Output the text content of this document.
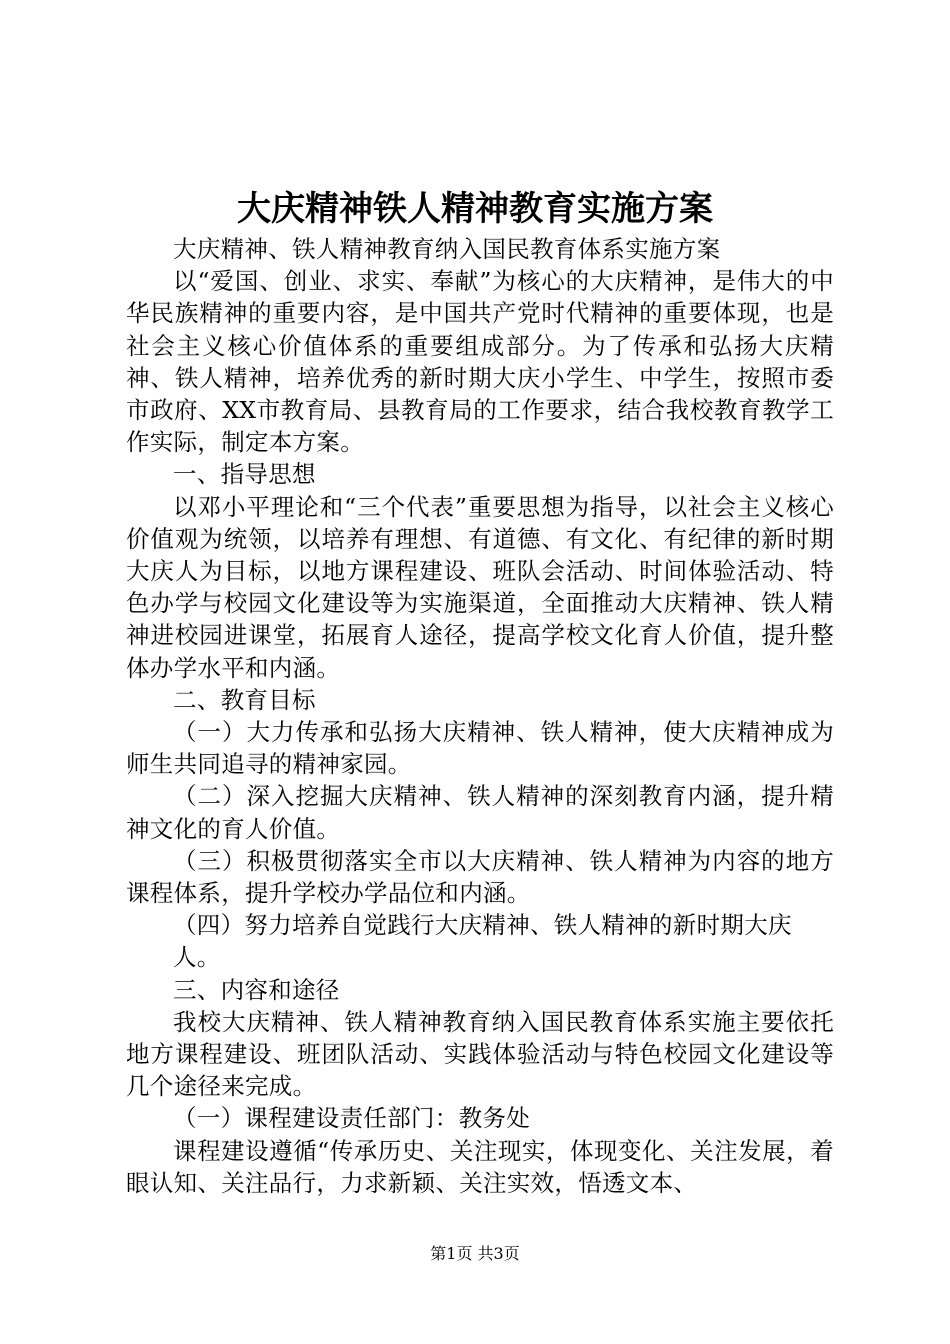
大庆精神铁人精神教育实施方案

大庆精神、铁人精神教育纳入国民教育体系实施方案

以“爱国、创业、求实、奉献”为核心的大庆精神，是伟大的中华民族精神的重要内容，是中国共产党时代精神的重要体现，也是社会主义核心价值体系的重要组成部分。为了传承和弘扬大庆精神、铁人精神，培养优秀的新时期大庆小学生、中学生，按照市委市政府、XX市教育局、县教育局的工作要求，结合我校教育教学工作实际，制定本方案。

一、指导思想

以邓小平理论和“三个代表”重要思想为指导，以社会主义核心价值观为统领，以培养有理想、有道德、有文化、有纪律的新时期大庆人为目标，以地方课程建设、班队会活动、时间体验活动、特色办学与校园文化建设等为实施渠道，全面推动大庆精神、铁人精神进校园进课堂，拓展育人途径，提高学校文化育人价值，提升整体办学水平和内涵。

二、教育目标

（一）大力传承和弘扬大庆精神、铁人精神，使大庆精神成为师生共同追寻的精神家园。

（二）深入挖掘大庆精神、铁人精神的深刻教育内涵，提升精神文化的育人价值。

（三）积极贯彻落实全市以大庆精神、铁人精神为内容的地方课程体系，提升学校办学品位和内涵。

（四）努力培养自觉践行大庆精神、铁人精神的新时期大庆

人。

三、内容和途径

我校大庆精神、铁人精神教育纳入国民教育体系实施主要依托地方课程建设、班团队活动、实践体验活动与特色校园文化建设等几个途径来完成。

（一）课程建设责任部门：教务处

课程建设遵循“传承历史、关注现实，体现变化、关注发展，着眼认知、关注品行，力求新颖、关注实效，悟透文本、

第1页 共3页
